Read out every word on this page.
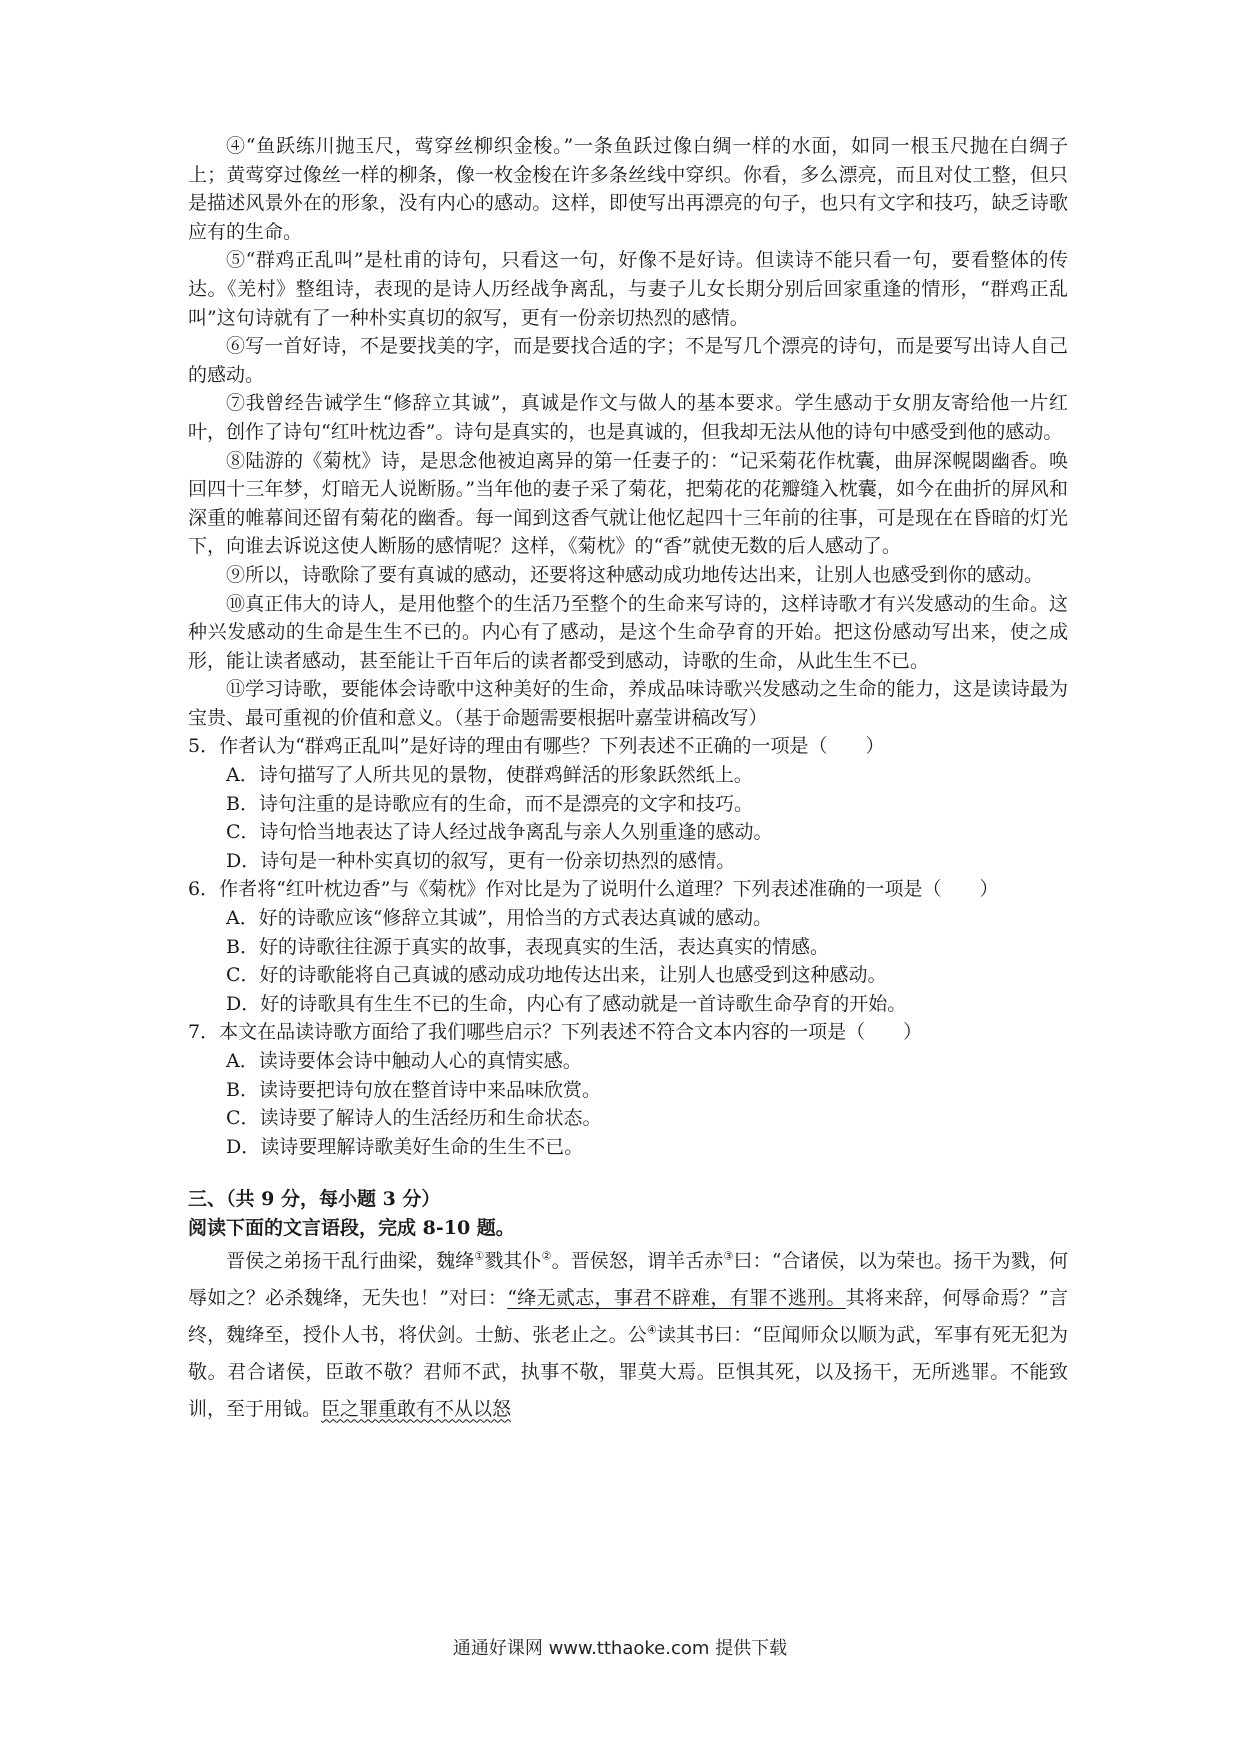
④“鱼跃练川抛玉尺，莺穿丝柳织金梭。”一条鱼跃过像白绸一样的水面，如同一根玉尺抛在白绸子上；黄莺穿过像丝一样的柳条，像一枚金梭在许多条丝线中穿织。你看，多么漂亮，而且对仗工整，但只是描述风景外在的形象，没有内心的感动。这样，即使写出再漂亮的句子，也只有文字和技巧，缺乏诗歌应有的生命。

⑤“群鸡正乱叫”是杜甫的诗句，只看这一句，好像不是好诗。但读诗不能只看一句，要看整体的传达。《羌村》整组诗，表现的是诗人历经战争离乱，与妻子儿女长期分别后回家重逢的情形，“群鸡正乱叫”这句诗就有了一种朴实真切的叙写，更有一份亲切热烈的感情。

⑥写一首好诗，不是要找美的字，而是要找合适的字；不是写几个漂亮的诗句，而是要写出诗人自己的感动。

⑦我曾经告诫学生“修辞立其诚”，真诚是作文与做人的基本要求。学生感动于女朋友寄给他一片红叶，创作了诗句“红叶枕边香”。诗句是真实的，也是真诚的，但我却无法从他的诗句中感受到他的感动。

⑧陆游的《菊枕》诗，是思念他被迫离异的第一任妻子的：“记采菊花作枕囊，曲屏深幌閟幽香。唤回四十三年梦，灯暗无人说断肠。”当年他的妻子采了菊花，把菊花的花瓣缝入枕囊，如今在曲折的屏风和深重的帷幕间还留有菊花的幽香。每一闻到这香气就让他忆起四十三年前的往事，可是现在在昏暗的灯光下，向谁去诉说这使人断肠的感情呢？这样，《菊枕》的“香”就使无数的后人感动了。

⑨所以，诗歌除了要有真诚的感动，还要将这种感动成功地传达出来，让别人也感受到你的感动。

⑩真正伟大的诗人，是用他整个的生活乃至整个的生命来写诗的，这样诗歌才有兴发感动的生命。这种兴发感动的生命是生生不已的。内心有了感动，是这个生命孕育的开始。把这份感动写出来，使之成形，能让读者感动，甚至能让千百年后的读者都受到感动，诗歌的生命，从此生生不已。

⑪学习诗歌，要能体会诗歌中这种美好的生命，养成品味诗歌兴发感动之生命的能力，这是读诗最为宝贵、最可重视的价值和意义。（基于命题需要根据叶嘉莹讲稿改写）

5．作者认为“群鸡正乱叫”是好诗的理由有哪些？下列表述不正确的一项是（　　）

A．诗句描写了人所共见的景物，使群鸡鲜活的形象跃然纸上。

B．诗句注重的是诗歌应有的生命，而不是漂亮的文字和技巧。

C．诗句恰当地表达了诗人经过战争离乱与亲人久别重逢的感动。

D．诗句是一种朴实真切的叙写，更有一份亲切热烈的感情。

6．作者将“红叶枕边香”与《菊枕》作对比是为了说明什么道理？下列表述准确的一项是（　　）

A．好的诗歌应该“修辞立其诚”，用恰当的方式表达真诚的感动。

B．好的诗歌往往源于真实的故事，表现真实的生活，表达真实的情感。

C．好的诗歌能将自己真诚的感动成功地传达出来，让别人也感受到这种感动。

D．好的诗歌具有生生不已的生命，内心有了感动就是一首诗歌生命孕育的开始。

7．本文在品读诗歌方面给了我们哪些启示？下列表述不符合文本内容的一项是（　　）

A．读诗要体会诗中触动人心的真情实感。

B．读诗要把诗句放在整首诗中来品味欣赏。

C．读诗要了解诗人的生活经历和生命状态。

D．读诗要理解诗歌美好生命的生生不已。

三、（共 9 分，每小题 3 分）

阅读下面的文言语段，完成 8-10 题。

晋侯之弟扬干乱行曲梁，魏绛①戮其仆②。晋侯怒，谓羊舌赤③曰：“合诸侯，以为荣也。扬干为戮，何辱如之？必杀魏绛，无失也！”对曰：“绛无贰志，事君不辟难，有罪不逃刑。其将来辞，何辱命焉？”言终，魏绛至，授仆人书，将伏剑。士魴、张老止之。公④读其书曰：“臣闻师众以顺为武，军事有死无犯为敬。君合诸侯，臣敢不敬？君师不武，执事不敬，罪莫大焉。臣惧其死，以及扬干，无所逃罪。不能致训，至于用钺。臣之罪重敢有不从以怒

通通好课网 www.tthaoke.com 提供下载
